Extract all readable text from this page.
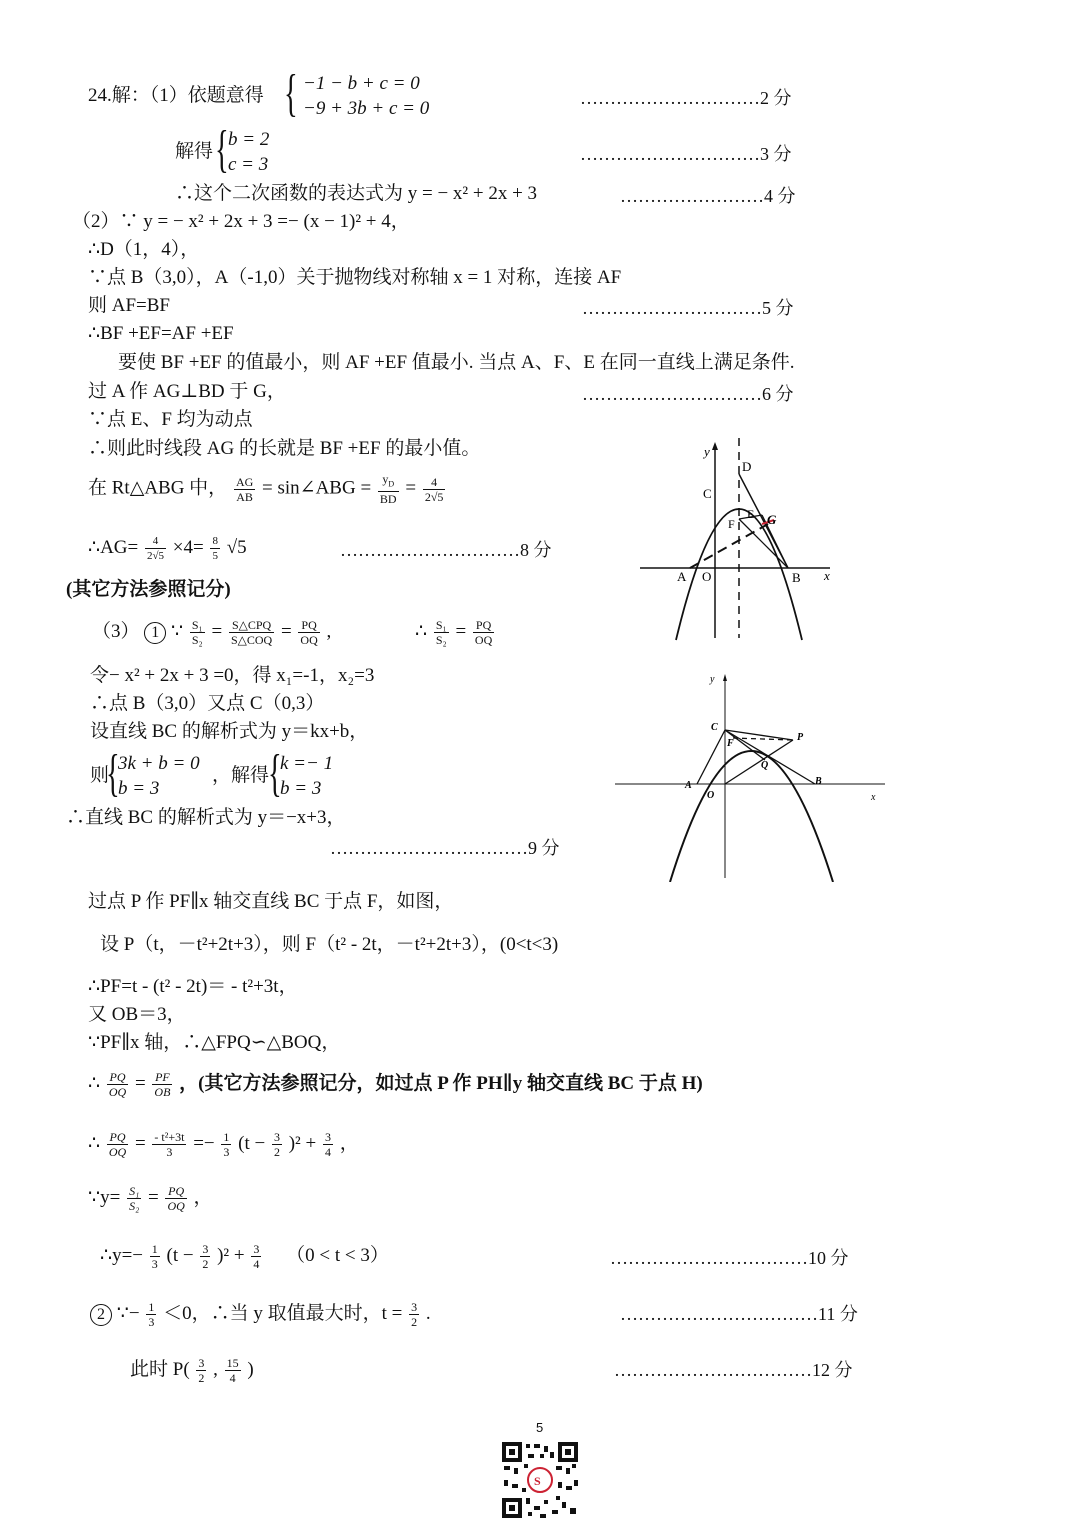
24.解：（1）依题意得 { −1 − b + c = 0
−9 + 3b + c = 0	…………………………2 分
解得 { b = 2
c = 3	…………………………3 分
∴这个二次函数的表达式为 y = − x² + 2x + 3	……………………4 分
（2）∵ y = − x² + 2x + 3 =− (x − 1)² + 4，
∴D（1，4），
∵点 B（3,0），A（-1,0）关于抛物线对称轴 x = 1 对称，连接 AF
则 AF=BF	…………………………5 分
∴BF +EF=AF +EF
要使 BF +EF 的值最小，则 AF +EF 值最小. 当点 A、F、E 在同一直线上满足条件.
过 A 作 AG⊥BD 于 G，	…………………………6 分
∵点 E、F 均为动点
∴则此时线段 AG 的长就是 BF +EF 的最小值。
在 Rt△ABG 中， $\frac{AG}{AB}$ = sin∠ABG = $\frac{y_D}{BD} = \frac{4}{2√5}$
∴AG= $\frac{4}{2√5} \times 4= \frac{8}{5} √5$	…………………………8 分
(其它方法参照记分)
（3） 1 ∵ $\frac{\text{S₁}}{\text{S₂}} = \frac{\text{S△CPQ}}{\text{S△COQ}} = \frac{PQ}{OQ}$ ,	∴ $\frac{\text{S₁}}{\text{S₂}} = \frac{PQ}{OQ}$
令− x² + 2x + 3 =0，得 x₁=-1，x₂=3
∴点 B（3,0）又点 C（0,3）
设直线 BC 的解析式为 y＝kx+b，
则
{
3k + b = 0
b = 3
，解得
{
k =− 1
b = 3
∴直线 BC 的解析式为 y＝−x+3，
……………………………9 分
过点 P 作 PF∥x 轴交直线 BC 于点 F，如图，
设 P（t，－t²+2t+3），则 F（t² - 2t，－t²+2t+3），(0<t<3)
∴PF=t - (t² - 2t)＝ - t²+3t，
又 OB＝3，
∵PF∥x 轴，∴△FPQ∽△BOQ，
∴ $\frac{PQ}{OQ} = \frac{PF}{OB}$ ，(其它方法参照记分，如过点 P 作 PH∥y 轴交直线 BC 于点 H)
∴ $\frac{PQ}{OQ} = \frac{\text{- t²+3t}}{3} =- \frac{1}{3} (t - \frac{3}{2} )^2 + \frac{3}{4}$ ，
∵y= $\frac{\text{S₁}}{\text{S₂}} = \frac{PQ}{OQ}$ ，
∴y=− $\frac{1}{3} (t - \frac{3}{2} )^2 + \frac{3}{4} (0 < t < 3)$	……………………………10 分
2 ∵− $\frac{1}{3} <0$，∴当 y 取值最大时，$t = \frac{3}{2}$ .	……………………………11 分
此时 $P( \frac{3}{2}$ , $\frac{15}{4}$ )	……………………………12 分
y
x
D
C
F
E G
A O	B
y
x
C
P
F
Q
A
O
B
5
S
